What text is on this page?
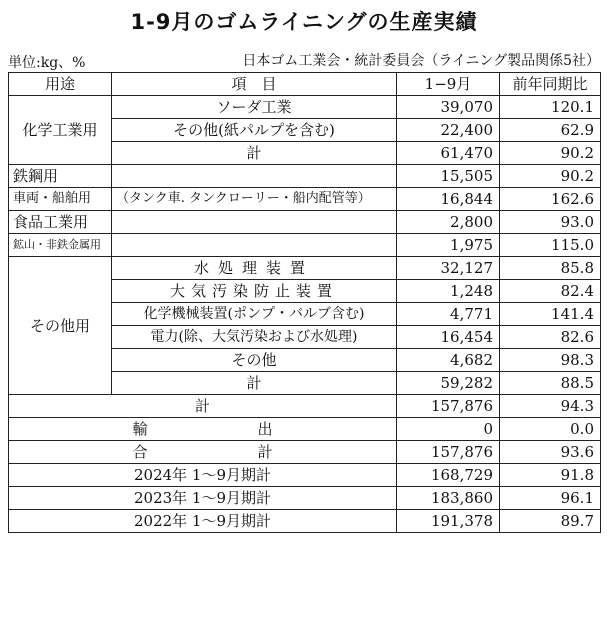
1-9月のゴムライニングの生産実績
単位:kg、%	日本ゴム工業会・統計委員会（ライニング製品関係5社）
用途	項　目	1−9月	前年同期比
化学工業用	ソーダ工業	39,070	120.1
	その他(紙パルプを含む)	22,400	62.9
	計	61,470	90.2
鉄鋼用		15,505	90.2
車両・船舶用	（タンク車. タンクローリー・船内配管等）	16,844	162.6
食品工業用		2,800	93.0
鉱山・非鉄金属用		1,975	115.0
その他用	水処理装置	32,127	85.8
	大気汚染防止装置	1,248	82.4
	化学機械装置(ポンプ・バルブ含む)	4,771	141.4
	電力(除、大気汚染および水処理)	16,454	82.6
	その他	4,682	98.3
	計	59,282	88.5
計		157,876	94.3
輸 出		0	0.0
合 計		157,876	93.6
2024年 1〜9月期計		168,729	91.8
2023年 1〜9月期計		183,860	96.1
2022年 1〜9月期計		191,378	89.7
